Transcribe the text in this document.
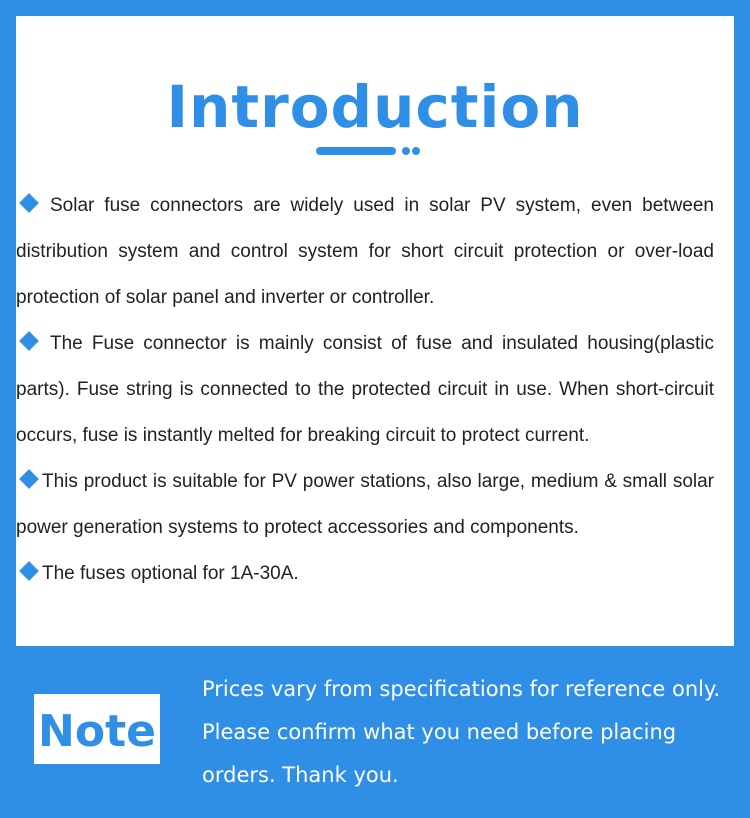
Introduction

Solar fuse connectors are widely used in solar PV system, even between distribution system and control system for short circuit protection or over-load protection of solar panel and inverter or controller.

The Fuse connector is mainly consist of fuse and insulated housing(plastic parts). Fuse string is connected to the protected circuit in use. When short-circuit occurs, fuse is instantly melted for breaking circuit to protect current.

This product is suitable for PV power stations, also large, medium & small solar power generation systems to protect accessories and components.

The fuses optional for 1A-30A.

Note
Prices vary from specifications for reference only. Please confirm what you need before placing orders. Thank you.
